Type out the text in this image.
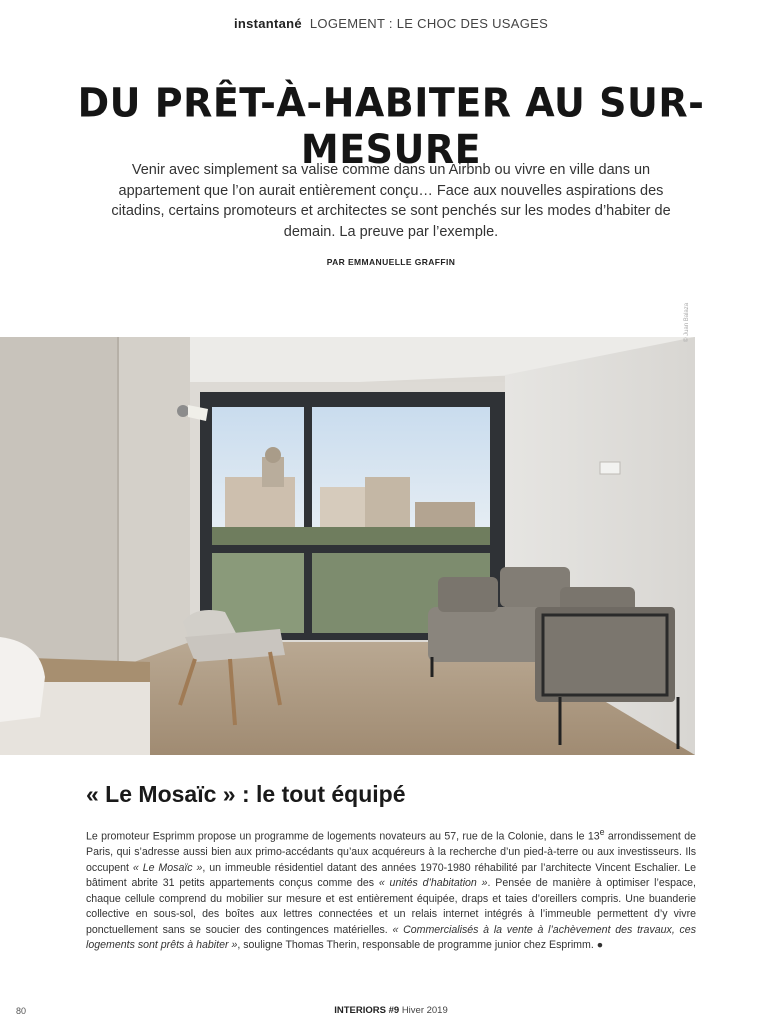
instantané LOGEMENT : LE CHOC DES USAGES
DU PRÊT-À-HABITER AU SUR-MESURE

Venir avec simplement sa valise comme dans un Airbnb ou vivre en ville dans un appartement que l’on aurait entièrement conçu… Face aux nouvelles aspirations des citadins, certains promoteurs et architectes se sont penchés sur les modes d’habiter de demain. La preuve par l’exemple.

PAR EMMANUELLE GRAFFIN
© Juan Balaza
« Le Mosaïc » : le tout équipé

Le promoteur Esprimm propose un programme de logements novateurs au 57, rue de la Colonie, dans le 13e arrondissement de Paris, qui s’adresse aussi bien aux primo-accédants qu’aux acquéreurs à la recherche d’un pied-à-terre ou aux investisseurs. Ils occupent « Le Mosaïc », un immeuble résidentiel datant des années 1970-1980 réhabilité par l’architecte Vincent Eschalier. Le bâtiment abrite 31 petits appartements conçus comme des « unités d’habitation ». Pensée de manière à optimiser l’espace, chaque cellule comprend du mobilier sur mesure et est entièrement équipée, draps et taies d’oreillers compris. Une buanderie collective en sous-sol, des boîtes aux lettres connectées et un relais internet intégrés à l’immeuble permettent d’y vivre ponctuellement sans se soucier des contingences matérielles. « Commercialisés à la vente à l’achèvement des travaux, ces logements sont prêts à habiter », souligne Thomas Therin, responsable de programme junior chez Esprimm. ●

80	INTERIORS #9 Hiver 2019
